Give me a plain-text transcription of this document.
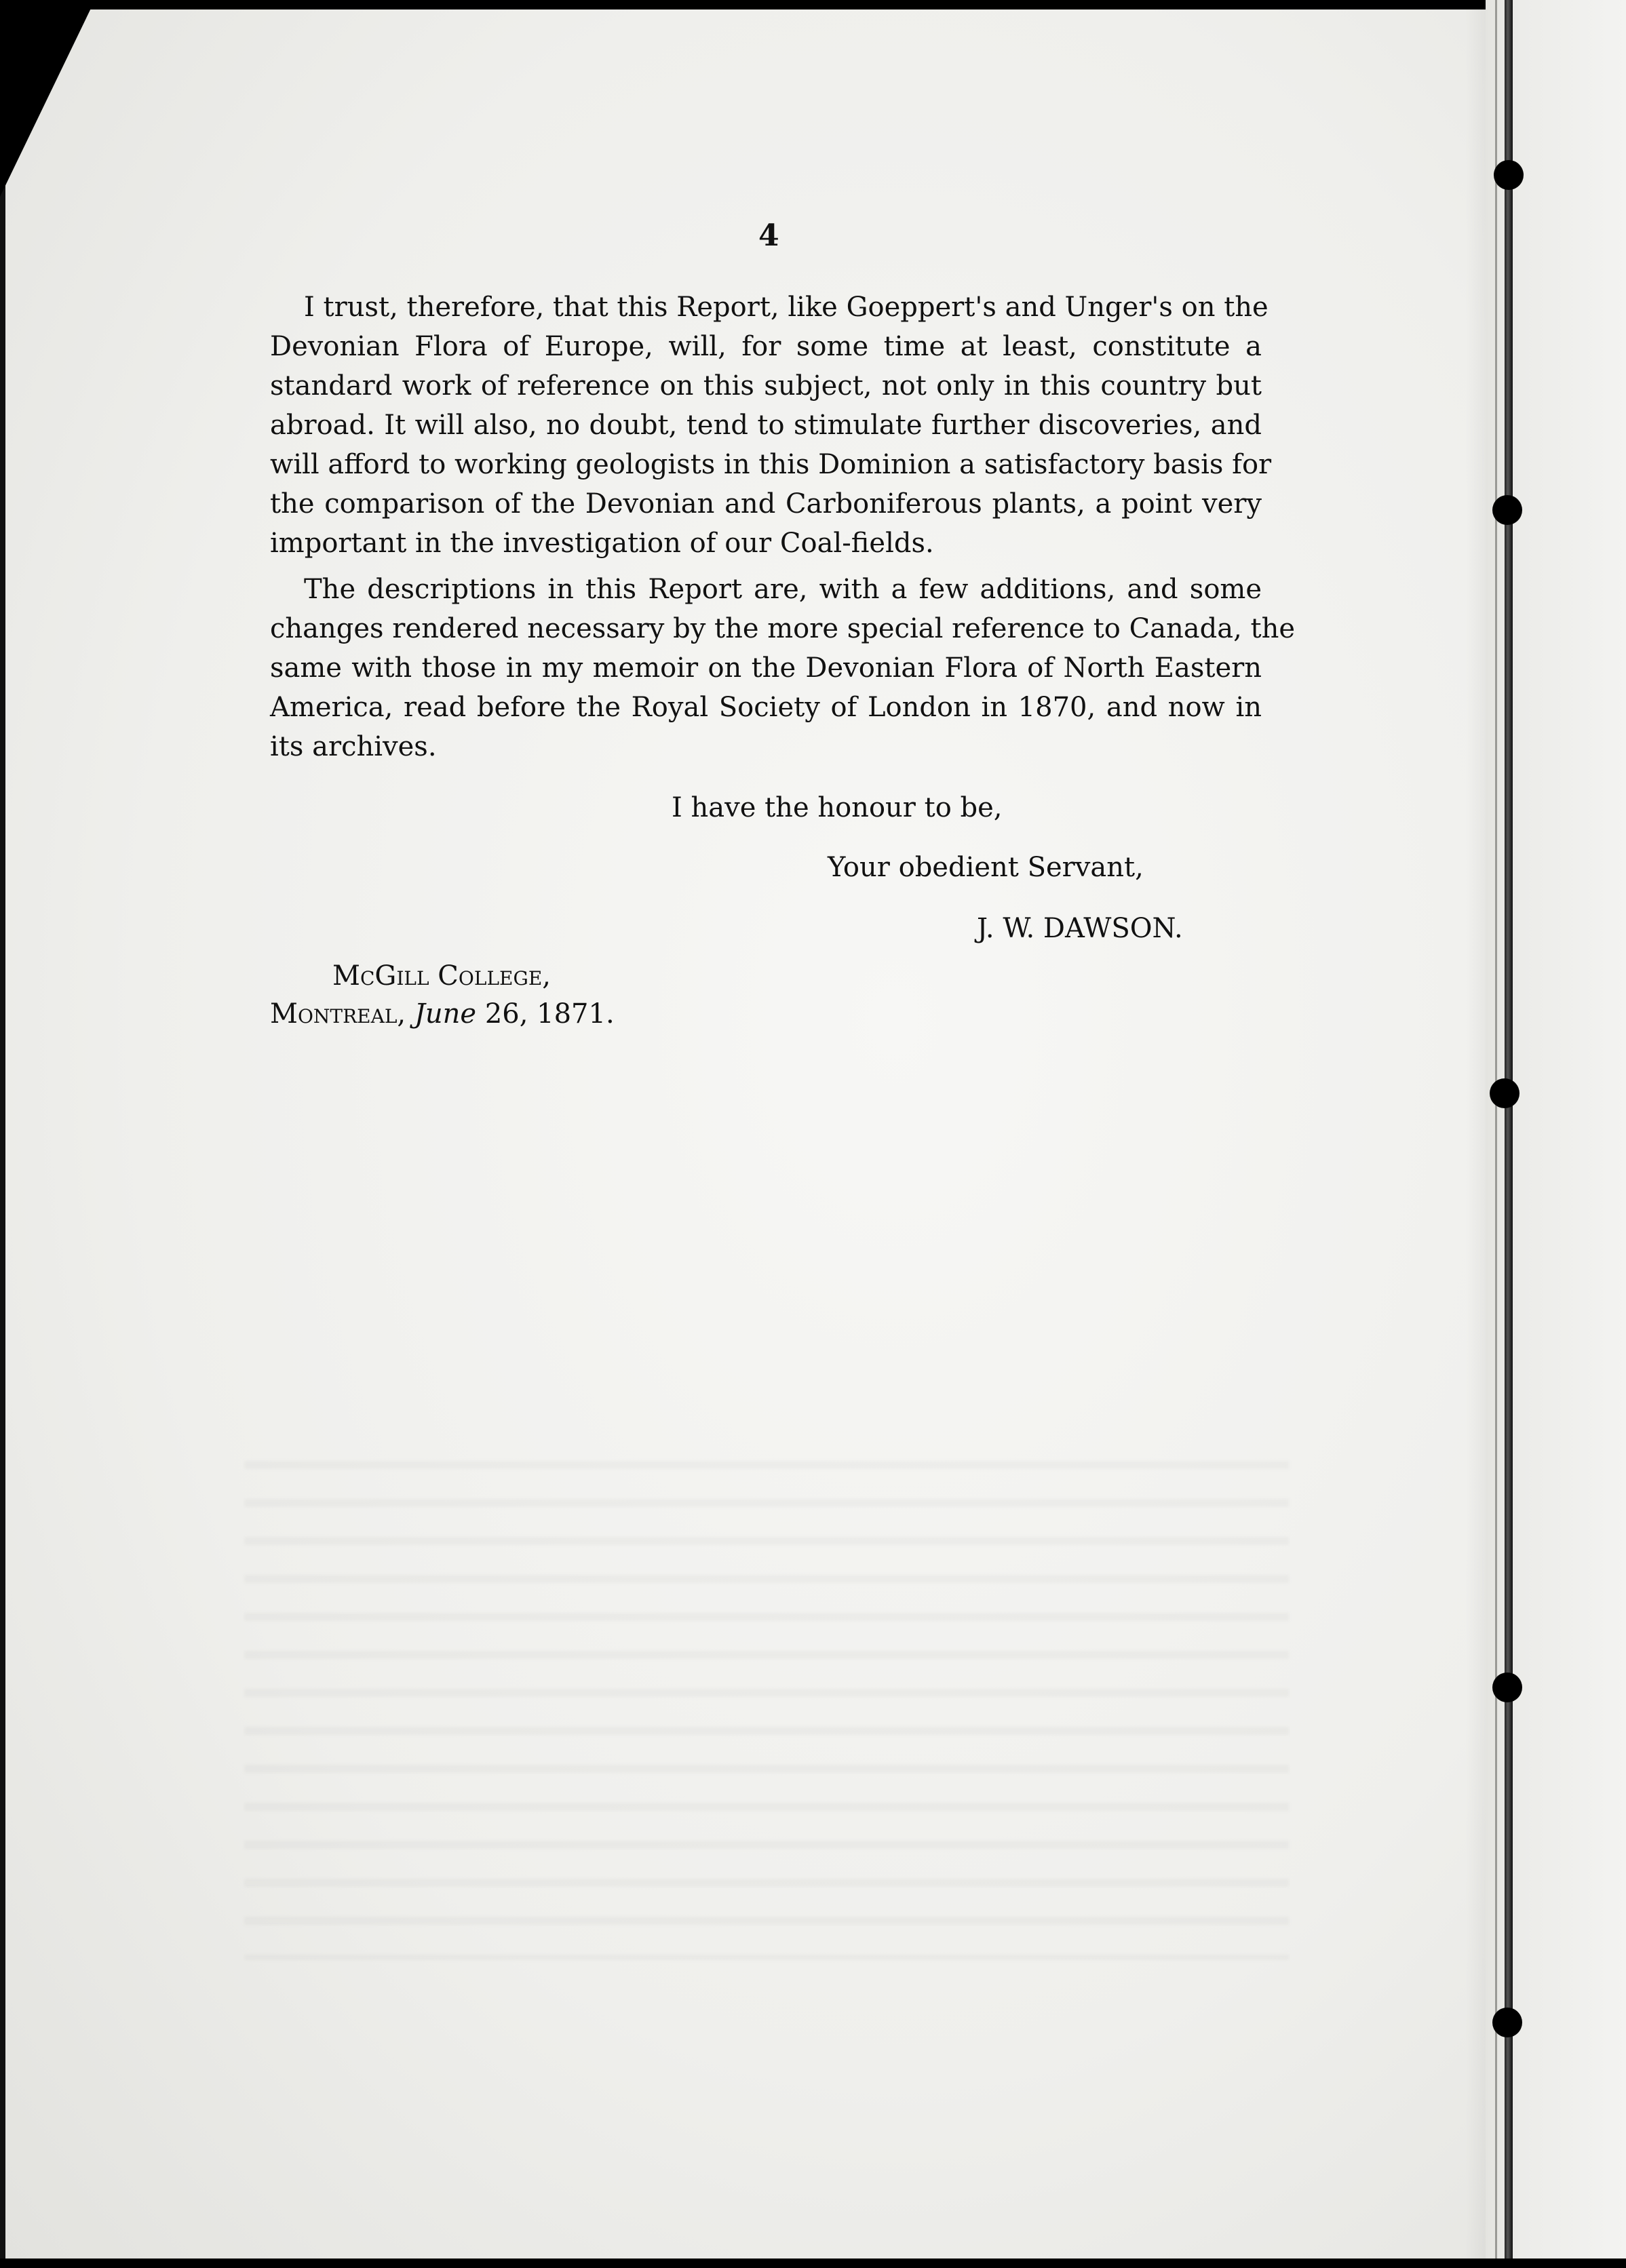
4
I trust, therefore, that this Report, like Goeppert's and Unger's on the
Devonian Flora of Europe, will, for some time at least, constitute a
standard work of reference on this subject, not only in this country but
abroad. It will also, no doubt, tend to stimulate further discoveries, and
will afford to working geologists in this Dominion a satisfactory basis for
the comparison of the Devonian and Carboniferous plants, a point very
important in the investigation of our Coal-fields.
The descriptions in this Report are, with a few additions, and some
changes rendered necessary by the more special reference to Canada, the
same with those in my memoir on the Devonian Flora of North Eastern
America, read before the Royal Society of London in 1870, and now in
its archives.
I have the honour to be,
Your obedient Servant,
J. W. DAWSON.
McGill College,
Montreal, June 26, 1871.
